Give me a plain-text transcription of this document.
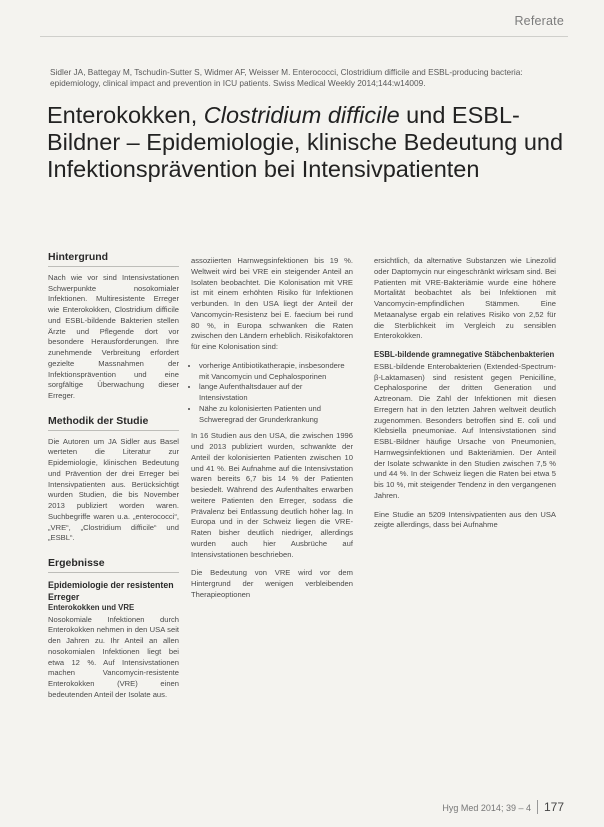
Referate
Sidler JA, Battegay M, Tschudin-Sutter S, Widmer AF, Weisser M. Enterococci, Clostridium difficile and ESBL-producing bacteria: epidemiology, clinical impact and prevention in ICU patients. Swiss Medical Weekly 2014;144:w14009.
Enterokokken, Clostridium difficile und ESBL-Bildner – Epidemiologie, klinische Bedeutung und Infektionsprävention bei Intensivpatienten
Hintergrund

Nach wie vor sind Intensivstationen Schwerpunkte nosokomialer Infektionen. Multiresistente Erreger wie Enterokokken, Clostridium difficile und ESBL-bildende Bakterien stellen Ärzte und Pflegende dort vor besondere Herausforderungen. Ihre zunehmende Verbreitung erfordert gezielte Massnahmen der Infektionsprävention und eine sorgfältige Überwachung dieser Erreger.

Methodik der Studie

Die Autoren um JA Sidler aus Basel werteten die Literatur zur Epidemiologie, klinischen Bedeutung und Prävention der drei Erreger bei Intensivpatienten aus. Berücksichtigt wurden Studien, die bis November 2013 publiziert worden waren. Suchbegriffe waren u.a. „enterococci“, „VRE“, „Clostridium difficile“ und „ESBL“.

Ergebnisse
Epidemiologie der resistenten Erreger
Enterokokken und VRE

Nosokomiale Infektionen durch Enterokokken nehmen in den USA seit den Jahren zu. Ihr Anteil an allen nosokomialen Infektionen liegt bei etwa 12 %. Auf Intensivstationen machen Vancomycin-resistente Enterokokken (VRE) einen bedeutenden Anteil der Isolate aus.

assoziierten Harnwegsinfektionen bis 19 %. Weltweit wird bei VRE ein steigender Anteil an Isolaten beobachtet. Die Kolonisation mit VRE ist mit einem erhöhten Risiko für Infektionen verbunden. In den USA liegt der Anteil der Vancomycin-Resistenz bei E. faecium bei rund 80 %, in Europa schwanken die Raten zwischen den Ländern erheblich. Risikofaktoren für eine Kolonisation sind:

• vorherige Antibiotikatherapie, insbesondere mit Vancomycin und Cephalosporinen
• lange Aufenthaltsdauer auf der Intensivstation
• Nähe zu kolonisierten Patienten und Schweregrad der Grunderkrankung

In 16 Studien aus den USA, die zwischen 1996 und 2013 publiziert wurden, schwankte der Anteil der kolonisierten Patienten zwischen 10 und 41 %. Bei Aufnahme auf die Intensivstation waren bereits 6,7 bis 14 % der Patienten besiedelt. Während des Aufenthaltes erwarben weitere Patienten den Erreger, sodass die Prävalenz bei Entlassung deutlich höher lag. In Europa und in der Schweiz liegen die VRE-Raten bisher deutlich niedriger, allerdings wurden auch hier Ausbrüche auf Intensivstationen beschrieben.

Die Bedeutung von VRE wird vor dem Hintergrund der wenigen verbleibenden Therapieoptionen

ersichtlich, da alternative Substanzen wie Linezolid oder Daptomycin nur eingeschränkt wirksam sind. Bei Patienten mit VRE-Bakteriämie wurde eine höhere Mortalität beobachtet als bei Infektionen mit Vancomycin-empfindlichen Stämmen. Eine Metaanalyse ergab ein relatives Risiko von 2,52 für die Sterblichkeit im Vergleich zu sensiblen Enterokokken.

ESBL-bildende gramnegative Stäbchenbakterien

ESBL-bildende Enterobakterien (Extended-Spectrum-β-Laktamasen) sind resistent gegen Penicilline, Cephalosporine der dritten Generation und Aztreonam. Die Zahl der Infektionen mit diesen Erregern hat in den letzten Jahren weltweit deutlich zugenommen. Besonders betroffen sind E. coli und Klebsiella pneumoniae. Auf Intensivstationen sind ESBL-Bildner häufige Ursache von Pneumonien, Harnwegsinfektionen und Bakteriämien. Der Anteil der Isolate schwankte in den Studien zwischen 7,5 % und 44 %. In der Schweiz liegen die Raten bei etwa 5 bis 10 %, mit steigender Tendenz in den vergangenen Jahren.

Eine Studie an 5209 Intensivpatienten aus den USA zeigte allerdings, dass bei Aufnahme

Hyg Med 2014; 39 – 4 177
